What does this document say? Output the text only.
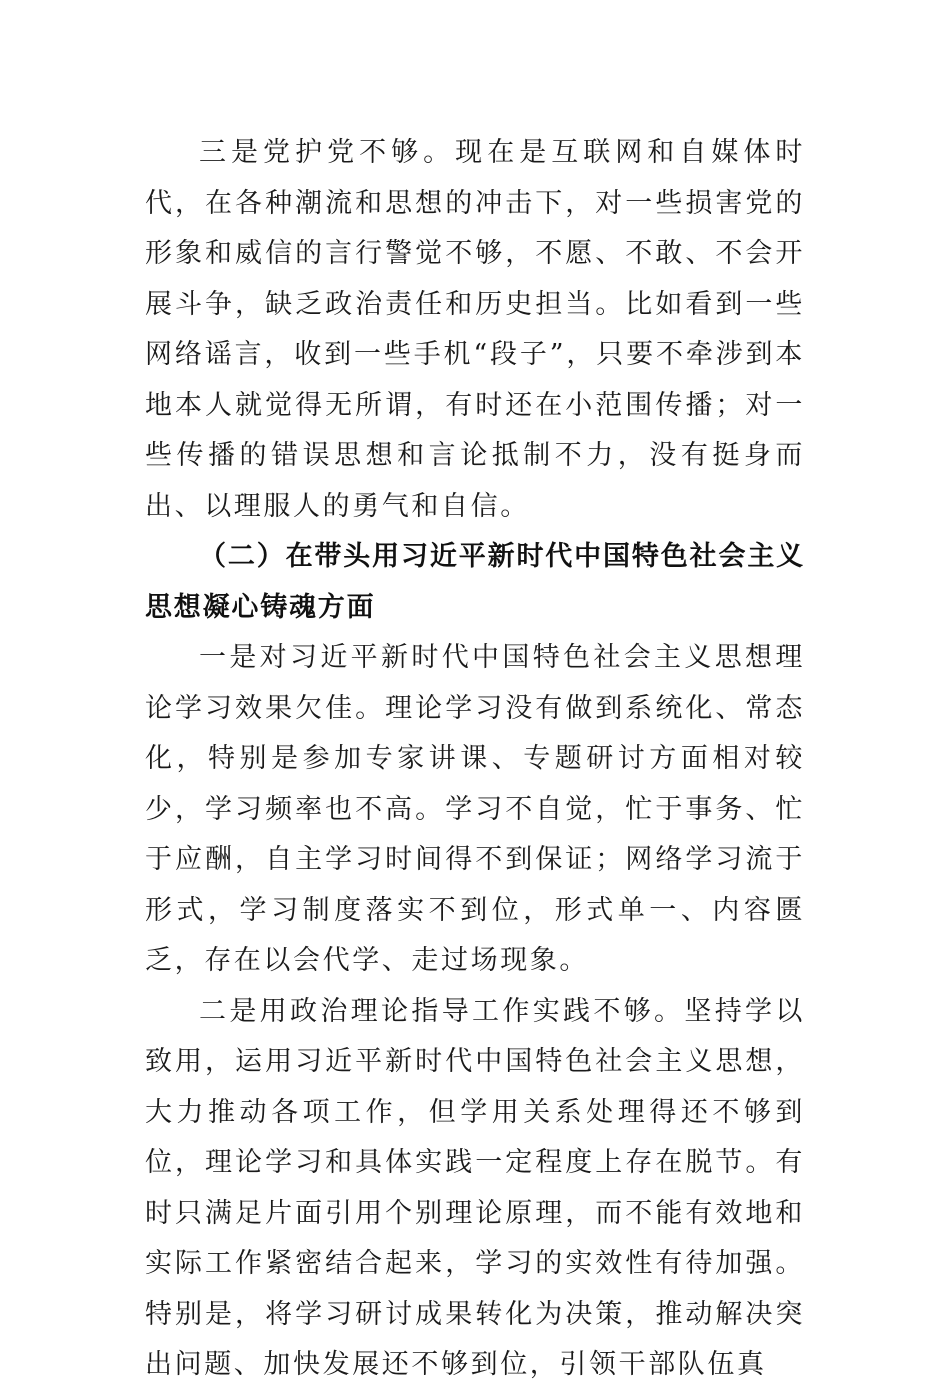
三是党护党不够。现在是互联网和自媒体时代，在各种潮流和思想的冲击下，对一些损害党的形象和威信的言行警觉不够，不愿、不敢、不会开展斗争，缺乏政治责任和历史担当。比如看到一些网络谣言，收到一些手机“段子”，只要不牵涉到本地本人就觉得无所谓，有时还在小范围传播；对一些传播的错误思想和言论抵制不力，没有挺身而出、以理服人的勇气和自信。

（二）在带头用习近平新时代中国特色社会主义思想凝心铸魂方面

一是对习近平新时代中国特色社会主义思想理论学习效果欠佳。理论学习没有做到系统化、常态化，特别是参加专家讲课、专题研讨方面相对较少，学习频率也不高。学习不自觉，忙于事务、忙于应酬，自主学习时间得不到保证；网络学习流于形式，学习制度落实不到位，形式单一、内容匮乏，存在以会代学、走过场现象。

二是用政治理论指导工作实践不够。坚持学以致用，运用习近平新时代中国特色社会主义思想，大力推动各项工作，但学用关系处理得还不够到位，理论学习和具体实践一定程度上存在脱节。有时只满足片面引用个别理论原理，而不能有效地和实际工作紧密结合起来，学习的实效性有待加强。特别是，将学习研讨成果转化为决策，推动解决突出问题、加快发展还不够到位，引领干部队伍真
